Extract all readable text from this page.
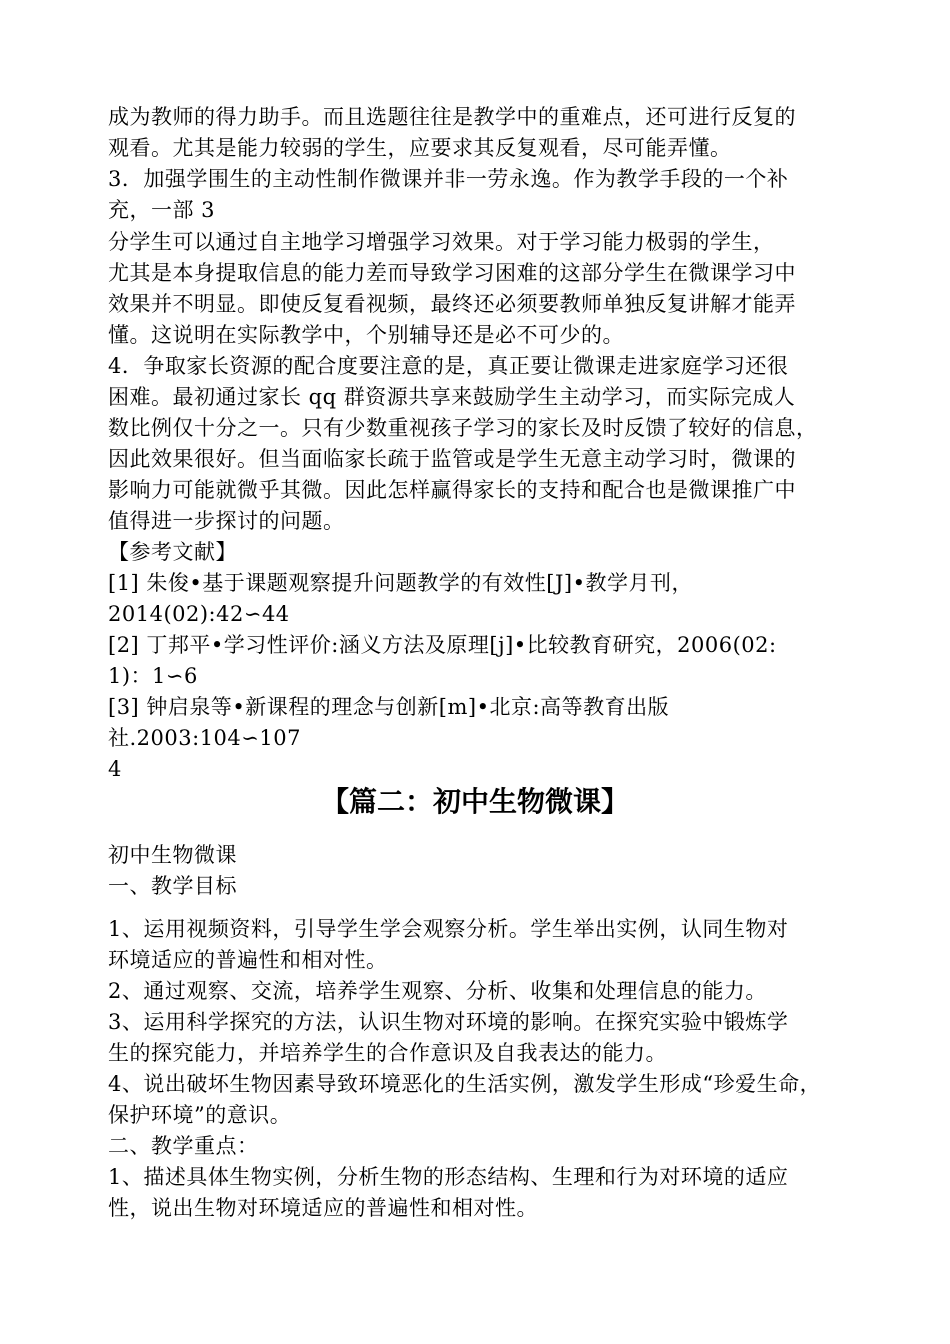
成为教师的得力助手。而且选题往往是教学中的重难点，还可进行反复的
观看。尤其是能力较弱的学生，应要求其反复观看，尽可能弄懂。
3．加强学围生的主动性制作微课并非一劳永逸。作为教学手段的一个补
充，一部 3
分学生可以通过自主地学习增强学习效果。对于学习能力极弱的学生，
尤其是本身提取信息的能力差而导致学习困难的这部分学生在微课学习中
效果并不明显。即使反复看视频，最终还必须要教师单独反复讲解才能弄
懂。这说明在实际教学中，个别辅导还是必不可少的。
4．争取家长资源的配合度要注意的是，真正要让微课走进家庭学习还很
困难。最初通过家长 qq 群资源共享来鼓励学生主动学习，而实际完成人
数比例仅十分之一。只有少数重视孩子学习的家长及时反馈了较好的信息，
因此效果很好。但当面临家长疏于监管或是学生无意主动学习时，微课的
影响力可能就微乎其微。因此怎样赢得家长的支持和配合也是微课推广中
值得进一步探讨的问题。
【参考文献】
[1] 朱俊•基于课题观察提升问题教学的有效性[J]•教学月刊，
2014(02):42∽44
[2] 丁邦平•学习性评价:涵义方法及原理[j]•比较教育研究，2006(02:
1)：1∽6
[3] 钟启泉等•新课程的理念与创新[m]•北京:高等教育出版
社.2003:104∽107
4
【篇二：初中生物微课】
初中生物微课
一、教学目标
1、运用视频资料，引导学生学会观察分析。学生举出实例，认同生物对
环境适应的普遍性和相对性。
2、通过观察、交流，培养学生观察、分析、收集和处理信息的能力。
3、运用科学探究的方法，认识生物对环境的影响。在探究实验中锻炼学
生的探究能力，并培养学生的合作意识及自我表达的能力。
4、说出破坏生物因素导致环境恶化的生活实例，激发学生形成“珍爱生命，
保护环境”的意识。
二、教学重点：
1、描述具体生物实例，分析生物的形态结构、生理和行为对环境的适应
性，说出生物对环境适应的普遍性和相对性。
